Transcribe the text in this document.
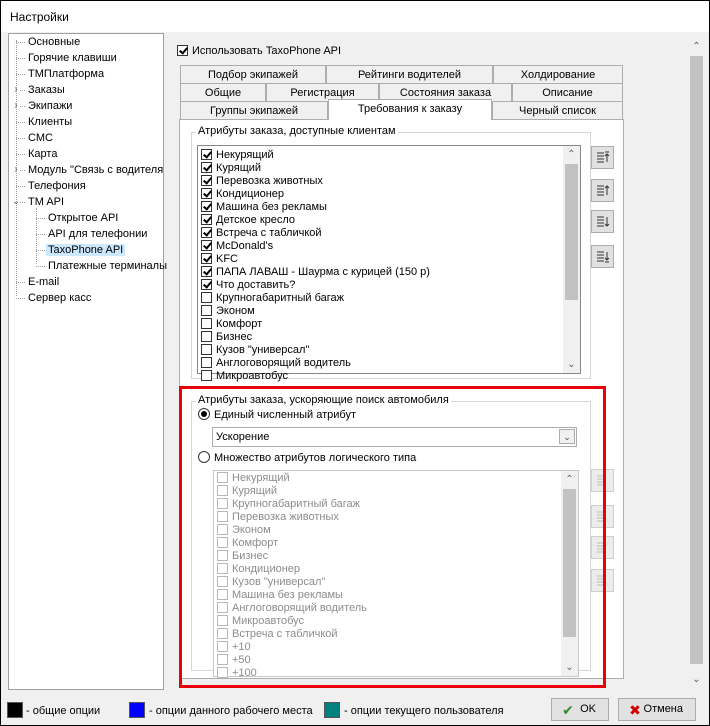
Настройки
›
›
›
⌄
Основные
Горячие клавиши
ТМПлатформа
Заказы
Экипажи
Клиенты
СМС
Карта
Модуль "Связь с водителя
Телефония
TM API
Открытое API
API для телефонии
TaxoPhone API
Платежные терминалы
E-mail
Сервер касс
Использовать TaxoPhone API
Подбор экипажей	Рейтинги водителей	Холдирование
Общие	Регистрация	Состояния заказа	Описание
Группы экипажей	Требования к заказу	Черный список
Атрибуты заказа, доступные клиентам
Некурящий
Курящий
Перевозка животных
Кондиционер
Машина без рекламы
Детское кресло
Встреча с табличкой
McDonald's
KFC
ПАПА ЛАВАШ - Шаурма с курицей (150 р)
Что доставить?
Крупногабаритный багаж
Эконом
Комфорт
Бизнес
Кузов "универсал"
Англоговорящий водитель
Микроавтобус
⌃
⌄
Атрибуты заказа, ускоряющие поиск автомобиля
Единый численный атрибут
Ускорение	⌄
Множество атрибутов логического типа
Некурящий
Курящий
Крупногабаритный багаж
Перевозка животных
Эконом
Комфорт
Бизнес
Кондиционер
Кузов "универсал"
Машина без рекламы
Англоговорящий водитель
Микроавтобус
Встреча с табличкой
+10
+50
+100
⌃
⌄
⌃
⌄
- общие опции	- опции данного рабочего места	- опции текущего пользователя	✔ OK ✖ Отмена
